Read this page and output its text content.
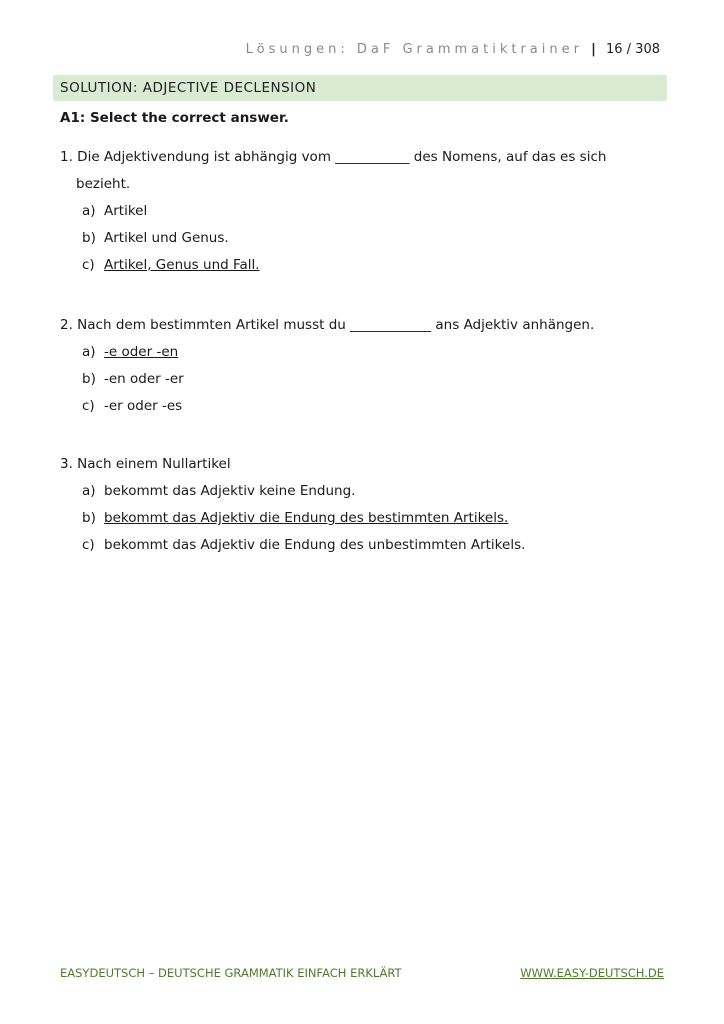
Lösungen: DaF Grammatiktrainer | 16 / 308
SOLUTION: ADJECTIVE DECLENSION
A1: Select the correct answer.
1. Die Adjektivendung ist abhängig vom ___________ des Nomens, auf das es sich
bezieht.
a) Artikel
b) Artikel und Genus.
c) Artikel, Genus und Fall.
2. Nach dem bestimmten Artikel musst du ____________ ans Adjektiv anhängen.
a) -e oder -en
b) -en oder -er
c) -er oder -es
3. Nach einem Nullartikel
a) bekommt das Adjektiv keine Endung.
b) bekommt das Adjektiv die Endung des bestimmten Artikels.
c) bekommt das Adjektiv die Endung des unbestimmten Artikels.
EASYDEUTSCH – DEUTSCHE GRAMMATIK EINFACH ERKLÄRT	WWW.EASY-DEUTSCH.DE
